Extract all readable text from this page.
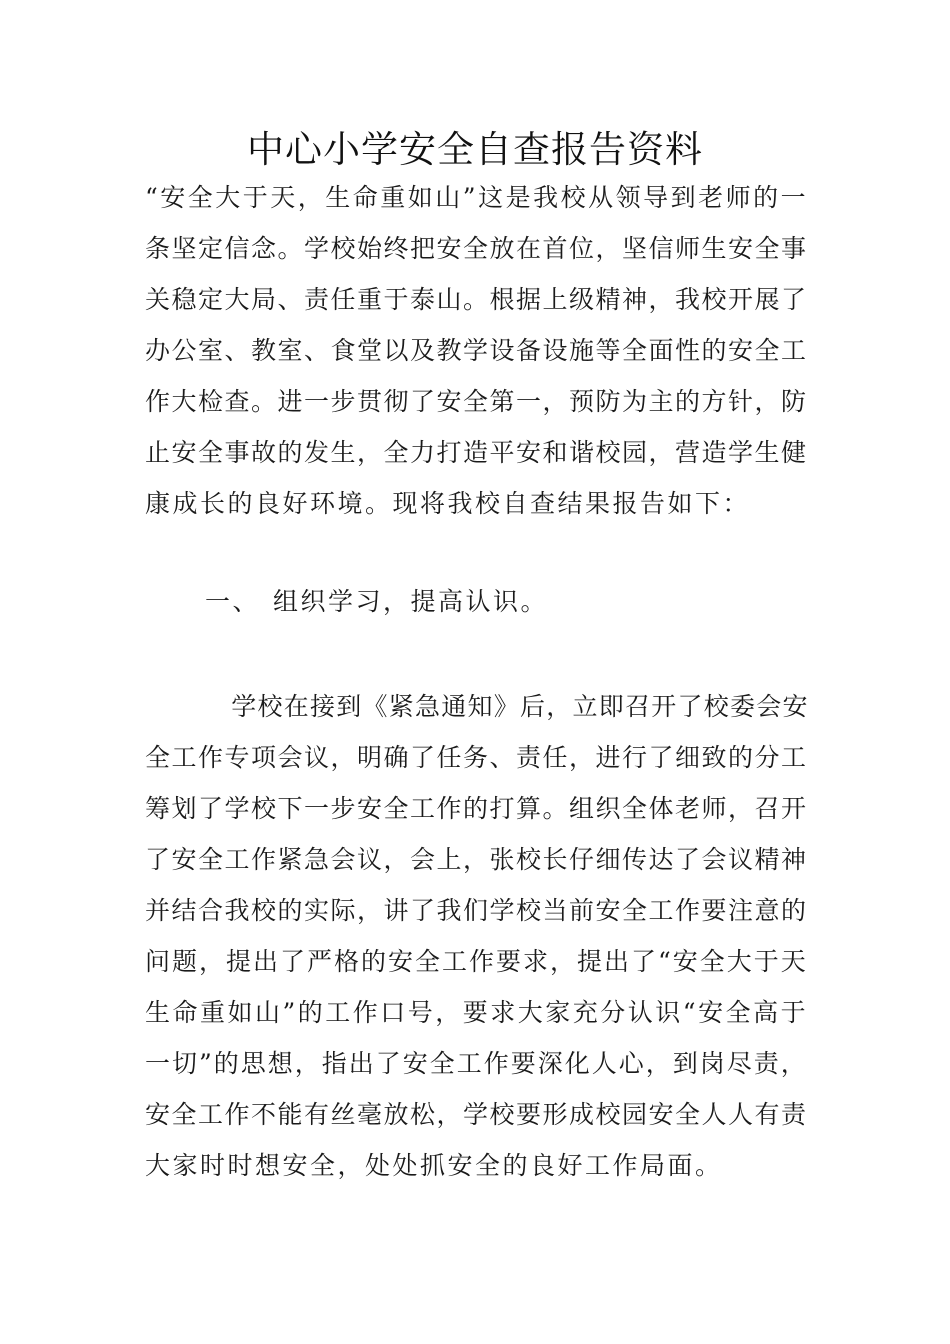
中心小学安全自查报告资料
“安全大于天，生命重如山”这是我校从领导到老师的一
条坚定信念。学校始终把安全放在首位，坚信师生安全事
关稳定大局、责任重于泰山。根据上级精神，我校开展了
办公室、教室、食堂以及教学设备设施等全面性的安全工
作大检查。进一步贯彻了安全第一，预防为主的方针，防
止安全事故的发生，全力打造平安和谐校园，营造学生健
康成长的良好环境。现将我校自查结果报告如下：
一、 组织学习，提高认识。
　学校在接到《紧急通知》后，立即召开了校委会安
全工作专项会议，明确了任务、责任，进行了细致的分工
筹划了学校下一步安全工作的打算。组织全体老师，召开
了安全工作紧急会议，会上，张校长仔细传达了会议精神
并结合我校的实际，讲了我们学校当前安全工作要注意的
问题，提出了严格的安全工作要求，提出了“安全大于天
生命重如山”的工作口号，要求大家充分认识“安全高于
一切”的思想，指出了安全工作要深化人心，到岗尽责，
安全工作不能有丝毫放松，学校要形成校园安全人人有责
大家时时想安全，处处抓安全的良好工作局面。
